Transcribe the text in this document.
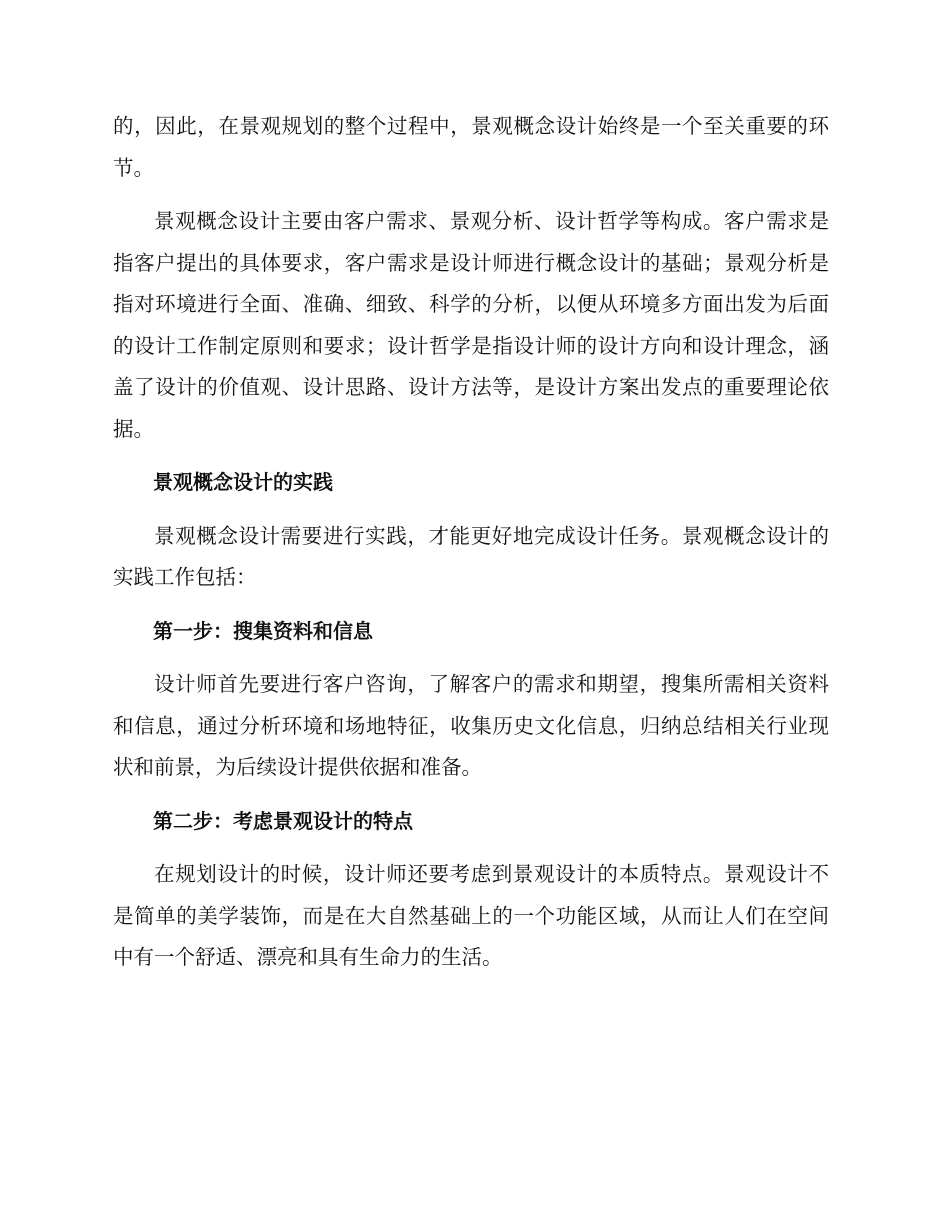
的，因此，在景观规划的整个过程中，景观概念设计始终是一个至关重要的环节。

景观概念设计主要由客户需求、景观分析、设计哲学等构成。客户需求是指客户提出的具体要求，客户需求是设计师进行概念设计的基础；景观分析是指对环境进行全面、准确、细致、科学的分析，以便从环境多方面出发为后面的设计工作制定原则和要求；设计哲学是指设计师的设计方向和设计理念，涵盖了设计的价值观、设计思路、设计方法等，是设计方案出发点的重要理论依据。

景观概念设计的实践

景观概念设计需要进行实践，才能更好地完成设计任务。景观概念设计的实践工作包括：

第一步：搜集资料和信息

设计师首先要进行客户咨询，了解客户的需求和期望，搜集所需相关资料和信息，通过分析环境和场地特征，收集历史文化信息，归纳总结相关行业现状和前景，为后续设计提供依据和准备。

第二步：考虑景观设计的特点

在规划设计的时候，设计师还要考虑到景观设计的本质特点。景观设计不是简单的美学装饰，而是在大自然基础上的一个功能区域，从而让人们在空间中有一个舒适、漂亮和具有生命力的生活。
